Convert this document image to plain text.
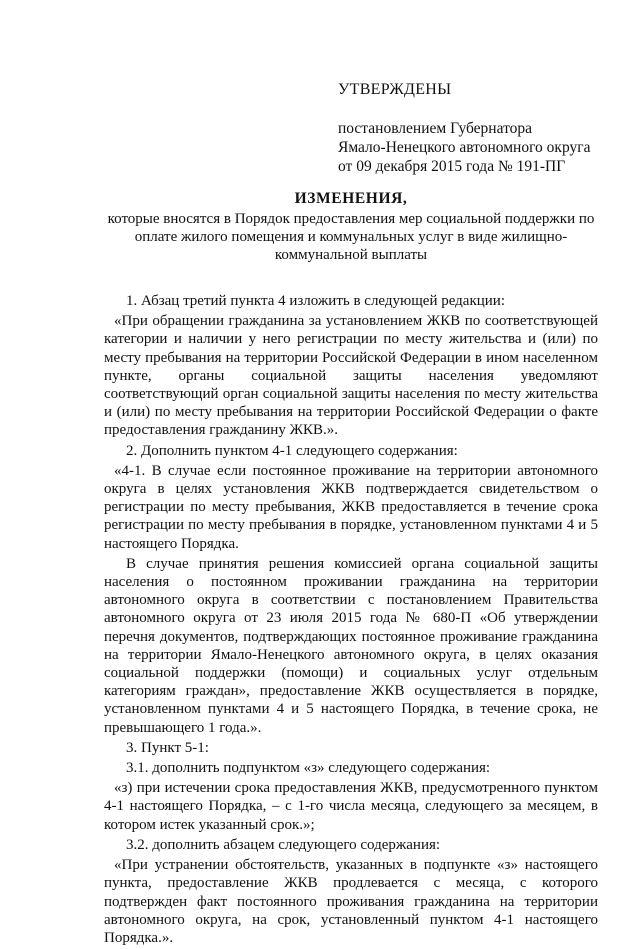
УТВЕРЖДЕНЫ
постановлением Губернатора
Ямало-Ненецкого автономного округа
от 09 декабря 2015 года № 191-ПГ
ИЗМЕНЕНИЯ,
которые вносятся в Порядок предоставления мер социальной поддержки по оплате жилого помещения и коммунальных услуг в виде жилищно-коммунальной выплаты

1. Абзац третий пункта 4 изложить в следующей редакции:

«При обращении гражданина за установлением ЖКВ по соответствующей категории и наличии у него регистрации по месту жительства и (или) по месту пребывания на территории Российской Федерации в ином населенном пункте, органы социальной защиты населения уведомляют соответствующий орган социальной защиты населения по месту жительства и (или) по месту пребывания на территории Российской Федерации о факте предоставления гражданину ЖКВ.».

2. Дополнить пунктом 4-1 следующего содержания:

«4-1. В случае если постоянное проживание на территории автономного округа в целях установления ЖКВ подтверждается свидетельством о регистрации по месту пребывания, ЖКВ предоставляется в течение срока регистрации по месту пребывания в порядке, установленном пунктами 4 и 5 настоящего Порядка.

В случае принятия решения комиссией органа социальной защиты населения о постоянном проживании гражданина на территории автономного округа в соответствии с постановлением Правительства автономного округа от 23 июля 2015 года № 680-П «Об утверждении перечня документов, подтверждающих постоянное проживание гражданина на территории Ямало-Ненецкого автономного округа, в целях оказания социальной поддержки (помощи) и социальных услуг отдельным категориям граждан», предоставление ЖКВ осуществляется в порядке, установленном пунктами 4 и 5 настоящего Порядка, в течение срока, не превышающего 1 года.».

3. Пункт 5-1:

3.1. дополнить подпунктом «з» следующего содержания:

«з) при истечении срока предоставления ЖКВ, предусмотренного пунктом 4-1 настоящего Порядка, – с 1-го числа месяца, следующего за месяцем, в котором истек указанный срок.»;

3.2. дополнить абзацем следующего содержания:

«При устранении обстоятельств, указанных в подпункте «з» настоящего пункта, предоставление ЖКВ продлевается с месяца, с которого подтвержден факт постоянного проживания гражданина на территории автономного округа, на срок, установленный пунктом 4-1 настоящего Порядка.».
